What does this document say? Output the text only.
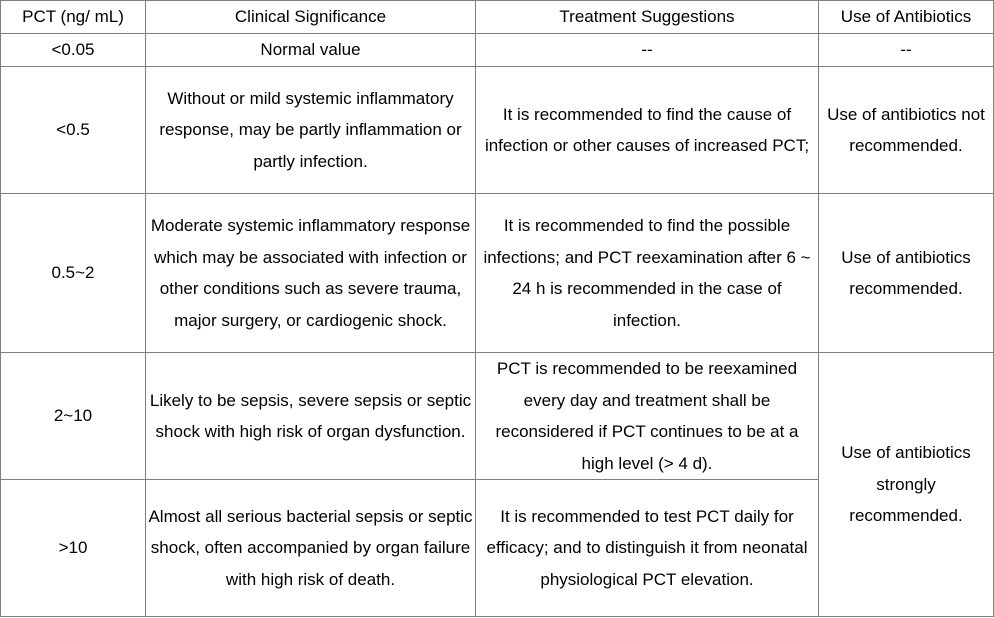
PCT (ng/ mL)	Clinical Significance	Treatment Suggestions	Use of Antibiotics
<0.05	Normal value	--	--
<0.5	Without or mild systemic inflammatory response, may be partly inflammation or partly infection.	It is recommended to find the cause of infection or other causes of increased PCT;	Use of antibiotics not recommended.
0.5~2	Moderate systemic inflammatory response which may be associated with infection or other conditions such as severe trauma, major surgery, or cardiogenic shock.	It is recommended to find the possible infections; and PCT reexamination after 6 ~ 24 h is recommended in the case of infection.	Use of antibiotics recommended.
2~10	Likely to be sepsis, severe sepsis or septic shock with high risk of organ dysfunction.	PCT is recommended to be reexamined every day and treatment shall be reconsidered if PCT continues to be at a high level (> 4 d).	Use of antibiotics strongly recommended.
>10	Almost all serious bacterial sepsis or septic shock, often accompanied by organ failure with high risk of death.	It is recommended to test PCT daily for efficacy; and to distinguish it from neonatal physiological PCT elevation.	
